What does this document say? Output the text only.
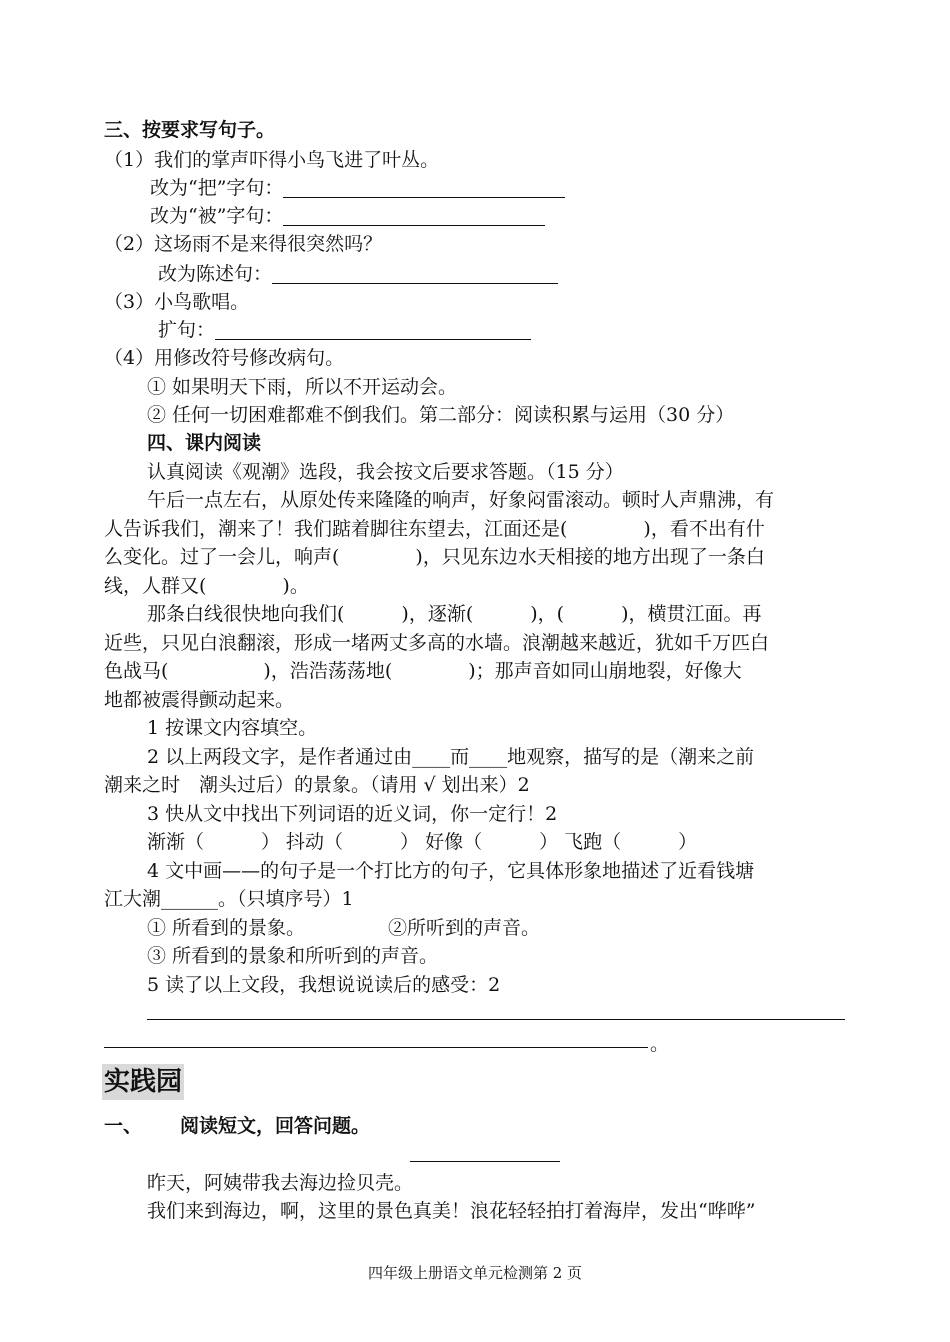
三、按要求写句子。
（1）我们的掌声吓得小鸟飞进了叶丛。
改为“把”字句：
改为“被”字句：
（2）这场雨不是来得很突然吗？
改为陈述句：
（3）小鸟歌唱。
扩句：
（4）用修改符号修改病句。
① 如果明天下雨，所以不开运动会。
② 任何一切困难都难不倒我们。第二部分：阅读积累与运用（30 分）
四、课内阅读
认真阅读《观潮》选段，我会按文后要求答题。（15 分）
午后一点左右，从原处传来隆隆的响声，好象闷雷滚动。顿时人声鼎沸，有
人告诉我们，潮来了！我们踮着脚往东望去，江面还是(　　　　)，看不出有什
么变化。过了一会儿，响声(　　　　)，只见东边水天相接的地方出现了一条白
线，人群又(　　　　)。
那条白线很快地向我们(　　　)，逐渐(　　　)，(　　　)，横贯江面。再
近些，只见白浪翻滚，形成一堵两丈多高的水墙。浪潮越来越近，犹如千万匹白
色战马(　　　　　)，浩浩荡荡地(　　　　)；那声音如同山崩地裂，好像大
地都被震得颤动起来。
1 按课文内容填空。
2 以上两段文字，是作者通过由____而____地观察，描写的是（潮来之前
潮来之时　潮头过后）的景象。（请用 √ 划出来）2
3 快从文中找出下列词语的近义词，你一定行！2
渐渐（　　　） 抖动（　　　） 好像（　　　） 飞跑（　　　）
4 文中画——的句子是一个打比方的句子，它具体形象地描述了近看钱塘
江大潮______。（只填序号）1
① 所看到的景象。	②所听到的声音。
③ 所看到的景象和所听到的声音。
5 读了以上文段，我想说说读后的感受：2
。
实践园
一、 阅读短文，回答问题。
昨天，阿姨带我去海边捡贝壳。
我们来到海边，啊，这里的景色真美！浪花轻轻拍打着海岸，发出“哗哗”
四年级上册语文单元检测第 2 页
